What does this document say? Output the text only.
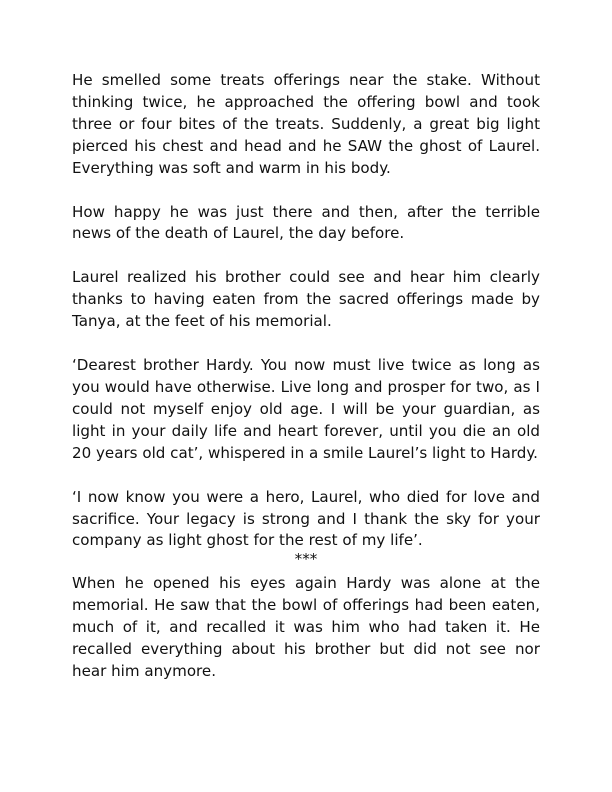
He smelled some treats offerings near the stake. Without thinking twice, he approached the offering bowl and took three or four bites of the treats. Suddenly, a great big light pierced his chest and head and he SAW the ghost of Laurel. Everything was soft and warm in his body.

How happy he was just there and then, after the terrible news of the death of Laurel, the day before.

Laurel realized his brother could see and hear him clearly thanks to having eaten from the sacred offerings made by Tanya, at the feet of his memorial.

‘Dearest brother Hardy. You now must live twice as long as you would have otherwise. Live long and prosper for two, as I could not myself enjoy old age. I will be your guardian, as light in your daily life and heart forever, until you die an old 20 years old cat’, whispered in a smile Laurel’s light to Hardy.

‘I now know you were a hero, Laurel, who died for love and sacrifice. Your legacy is strong and I thank the sky for your company as light ghost for the rest of my life’.

***

When he opened his eyes again Hardy was alone at the memorial. He saw that the bowl of offerings had been eaten, much of it, and recalled it was him who had taken it. He recalled everything about his brother but did not see nor hear him anymore.
